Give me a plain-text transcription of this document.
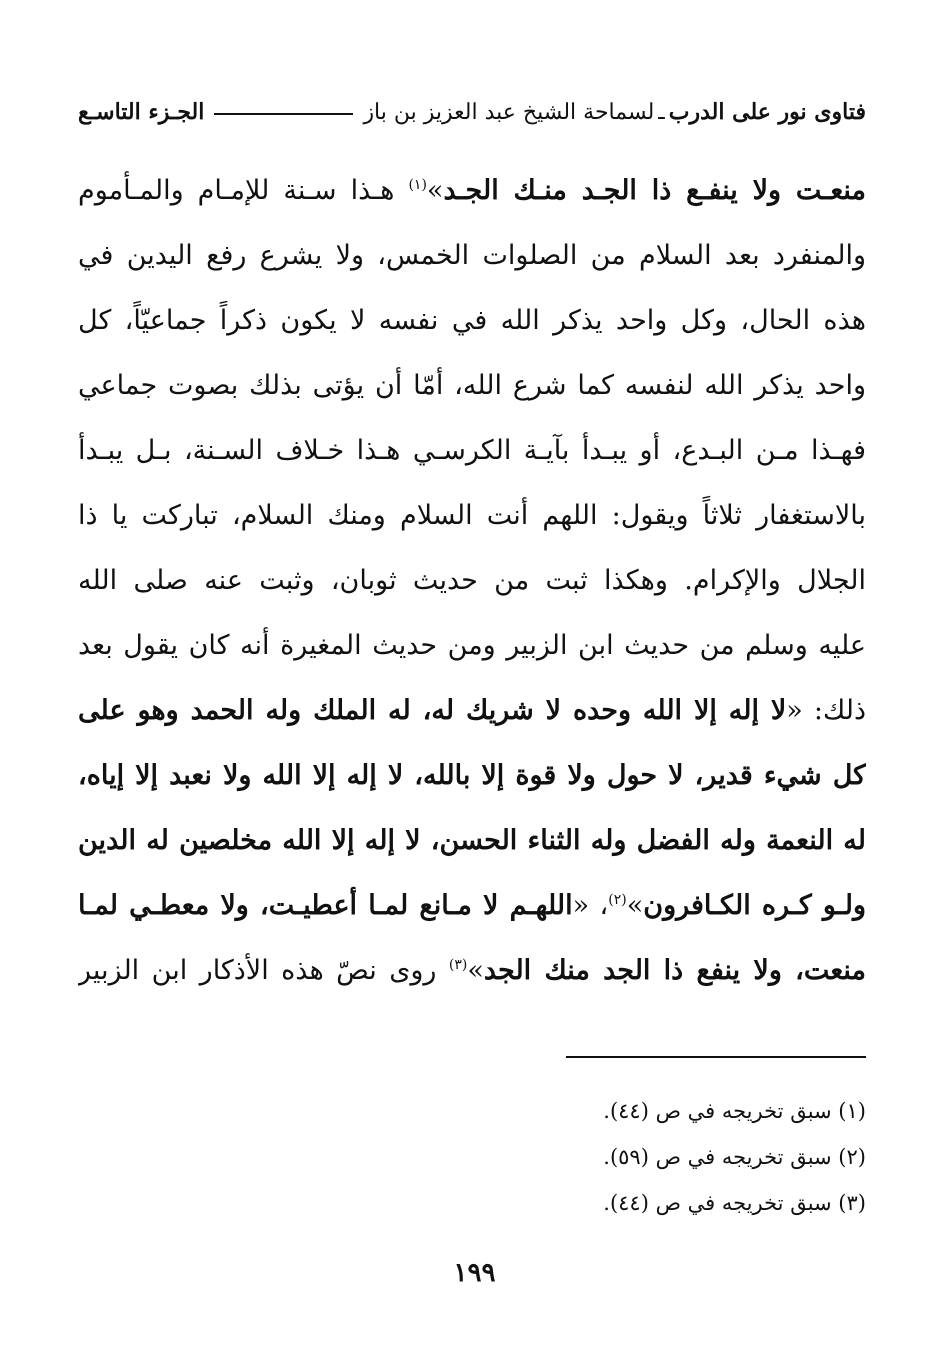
فتاوى نور على الدرب
ـ
لسماحة الشيخ عبد العزيز بن باز
الجـزء التاسـع
منعـت ولا ينفـع ذا الجـد منـك الجـد»$^{(١)}$ هـذا سـنة للإمـام والمـأموم
والمنفرد بعد السلام من الصلوات الخمس، ولا يشرع رفع اليدين في
هذه الحال، وكل واحد يذكر الله في نفسه لا يكون ذكراً جماعيّاً، كل
واحد يذكر الله لنفسه كما شرع الله، أمّا أن يؤتى بذلك بصوت جماعي
فهـذا مـن البـدع، أو يبـدأ بآيـة الكرسـي هـذا خـلاف السـنة، بـل يبـدأ
بالاستغفار ثلاثاً ويقول: اللهم أنت السلام ومنك السلام، تباركت يا ذا
الجلال والإكرام. وهكذا ثبت من حديث ثوبان، وثبت عنه صلى الله
عليه وسلم من حديث ابن الزبير ومن حديث المغيرة أنه كان يقول بعد
ذلك: «لا إله إلا الله وحده لا شريك له، له الملك وله الحمد وهو على
كل شيء قدير، لا حول ولا قوة إلا بالله، لا إله إلا الله ولا نعبد إلا إياه،
له النعمة وله الفضل وله الثناء الحسن، لا إله إلا الله مخلصين له الدين
ولـو كـره الكـافرون»$^{(٢)}$، «اللهـم لا مـانع لمـا أعطيـت، ولا معطـي لمـا
منعت، ولا ينفع ذا الجد منك الجد»$^{(٣)}$ روى نصّ هذه الأذكار ابن الزبير
(١) سبق تخريجه في ص (٤٤).
(٢) سبق تخريجه في ص (٥٩).
(٣) سبق تخريجه في ص (٤٤).
١٩٩
